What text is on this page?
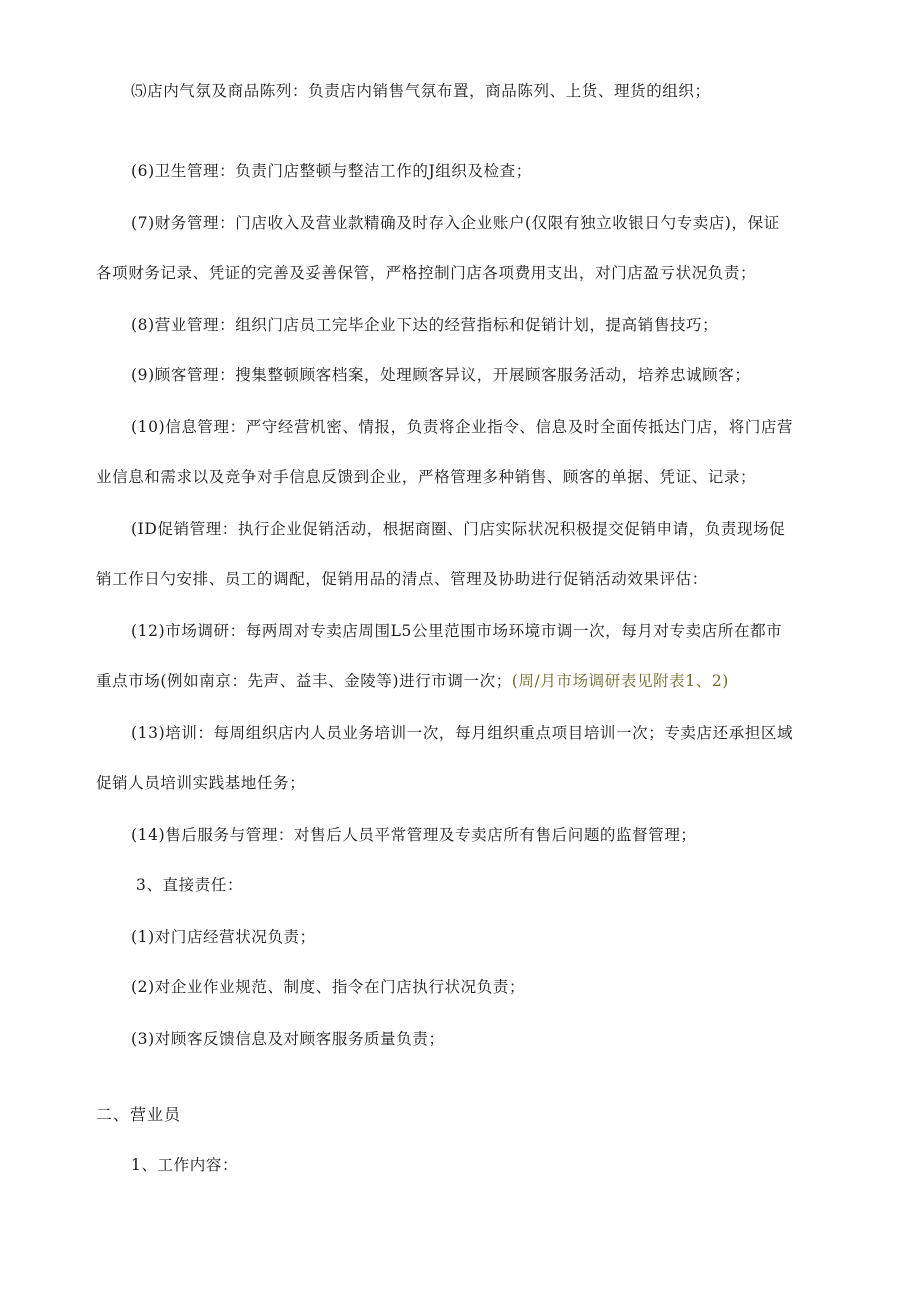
⑸店内气氛及商品陈列：负责店内销售气氛布置，商品陈列、上货、理货的组织；
(6)卫生管理：负责门店整顿与整洁工作的J组织及检查；
(7)财务管理：门店收入及营业款精确及时存入企业账户(仅限有独立收银日勺专卖店)，保证
各项财务记录、凭证的完善及妥善保管，严格控制门店各项费用支出，对门店盈亏状况负责；
(8)营业管理：组织门店员工完毕企业下达的经营指标和促销计划，提高销售技巧；
(9)顾客管理：搜集整顿顾客档案，处理顾客异议，开展顾客服务活动，培养忠诚顾客；
(10)信息管理：严守经营机密、情报，负责将企业指令、信息及时全面传抵达门店，将门店营
业信息和需求以及竞争对手信息反馈到企业，严格管理多种销售、顾客的单据、凭证、记录；
(ID促销管理：执行企业促销活动，根据商圈、门店实际状况积极提交促销申请，负责现场促
销工作日勺安排、员工的调配，促销用品的清点、管理及协助进行促销活动效果评估：
(12)市场调研：每两周对专卖店周围L5公里范围市场环境市调一次，每月对专卖店所在都市
重点市场(例如南京：先声、益丰、金陵等)进行市调一次；(周/月市场调研表见附表1、2)
(13)培训：每周组织店内人员业务培训一次，每月组织重点项目培训一次；专卖店还承担区域
促销人员培训实践基地任务；
(14)售后服务与管理：对售后人员平常管理及专卖店所有售后问题的监督管理；
3、直接责任：
(1)对门店经营状况负责；
(2)对企业作业规范、制度、指令在门店执行状况负责；
(3)对顾客反馈信息及对顾客服务质量负责；
二、营业员
1、工作内容：
